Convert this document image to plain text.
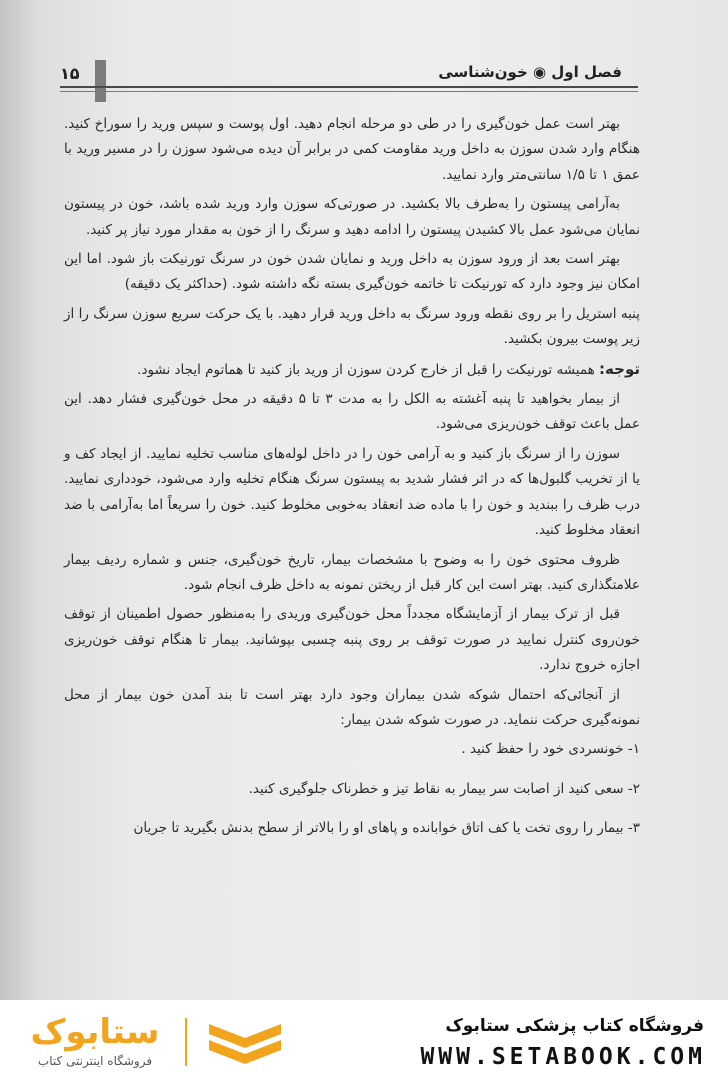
۱۵	فصل اول ◉ خون‌شناسی

بهتر است عمل خون‌گیری را در طی دو مرحله انجام دهید. اول پوست و سپس ورید را سوراخ کنید. هنگام وارد شدن سوزن به داخل ورید مقاومت کمی در برابر آن دیده می‌شود سوزن را در مسیر ورید با عمق ۱ تا ۱/۵ سانتی‌متر وارد نمایید.

به‌آرامی پیستون را به‌طرف بالا بکشید. در صورتی‌که سوزن وارد ورید شده باشد، خون در پیستون نمایان می‌شود عمل بالا کشیدن پیستون را ادامه دهید و سرنگ را از خون به مقدار مورد نیاز پر کنید.

بهتر است بعد از ورود سوزن به داخل ورید و نمایان شدن خون در سرنگ تورنیکت باز شود. اما این امکان نیز وجود دارد که تورنیکت تا خاتمه خون‌گیری بسته نگه داشته شود. (حداکثر یک دقیقه)

پنبه استریل را بر روی نقطه ورود سرنگ به داخل ورید قرار دهید. با یک حرکت سریع سوزن سرنگ را از زیر پوست بیرون بکشید.

توجه: همیشه تورنیکت را قبل از خارج کردن سوزن از ورید باز کنید تا هماتوم ایجاد نشود.

از بیمار بخواهید تا پنبه آغشته به الکل را به مدت ۳ تا ۵ دقیقه در محل خون‌گیری فشار دهد. این عمل باعث توقف خون‌ریزی می‌شود.

سوزن را از سرنگ باز کنید و به آرامی خون را در داخل لوله‌های مناسب تخلیه نمایید. از ایجاد کف و یا از تخریب گلبول‌ها که در اثر فشار شدید به پیستون سرنگ هنگام تخلیه وارد می‌شود، خودداری نمایید. درب ظرف را ببندید و خون را با ماده ضد انعقاد به‌خوبی مخلوط کنید. خون را سریعاً اما به‌آرامی با ضد انعقاد مخلوط کنید.

ظروف محتوی خون را به وضوح با مشخصات بیمار، تاریخ خون‌گیری، جنس و شماره ردیف بیمار علامتگذاری کنید. بهتر است این کار قبل از ریختن نمونه به داخل ظرف انجام شود.

قبل از ترک بیمار از آزمایشگاه مجدداً محل خون‌گیری وریدی را به‌منظور حصول اطمینان از توقف خون‌روی کنترل نمایید در صورت توقف بر روی پنبه چسبی بپوشانید. بیمار تا هنگام توقف خون‌ریزی اجازه خروج ندارد.

از آنجائی‌که احتمال شوکه شدن بیماران وجود دارد بهتر است تا بند آمدن خون بیمار از محل نمونه‌گیری حرکت ننماید. در صورت شوکه شدن بیمار:

۱- خونسردی خود را حفظ کنید .

۲- سعی کنید از اصابت سر بیمار به نقاط تیز و خطرناک جلوگیری کنید.

۳- بیمار را روی تخت یا کف اتاق خوابانده و پاهای او را بالاتر از سطح بدنش بگیرید تا جریان

ستابوک
فروشگاه اینترنتی کتاب
فروشگاه کتاب پزشکی ستابوک
WWW.SETABOOK.COM
